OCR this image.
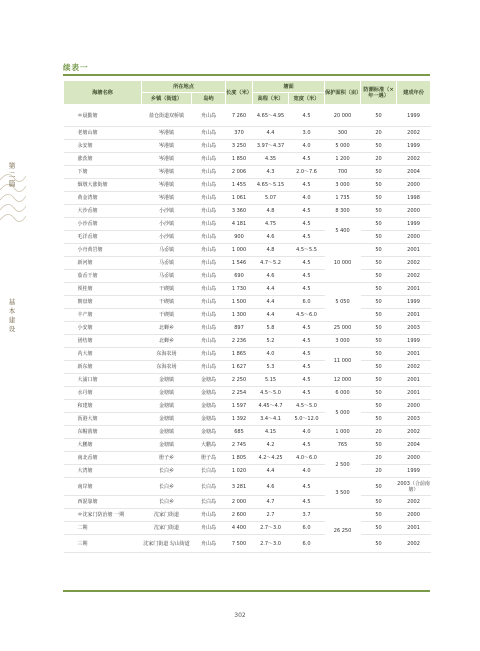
第二篇
基本建设
续表一
海塘名称	所在地点		长度（米）	塘面		保护面积（亩）	防潮标准（×年一遇）	建成年份
	乡镇（街道）	岛屿		高程（米）	宽度（米）			
＊晨勤塘	盐仓街道双桥镇	舟山岛	7 260	4.65～4.95	4.5	20 000	50	1999
老塘山塘	岑港镇	舟山岛	370	4.4	3.0	300	20	2002
永安塘	岑港镇	舟山岛	3 250	3.97～4.37	4.0	5 000	50	1999
涨茨塘	岑港镇	舟山岛	1 850	4.35	4.5	1 200	20	2002
下塘	岑港镇	舟山岛	2 006	4.3	2.0～7.6	700	50	2004
烟墩大涨街塘	岑港镇	舟山岛	1 455	4.65～5.15	4.5	3 000	50	2000
黄金湾塘	岑港镇	舟山岛	1 061	5.07	4.0	1 735	50	1998
大沙岙塘	小沙镇	舟山岛	3 360	4.8	4.5	8 300	50	2000
小沙岙塘	小沙镇	舟山岛	4 181	4.75	4.5	5 400	50	1999
毛洋岙塘	小沙镇	舟山岛	900	4.6	4.5		50	2000
小舟黄岩塘	马岙镇	舟山岛	1 000	4.8	4.5～5.5	10 000	50	2001
新河塘	马岙镇	舟山岛	1 546	4.7～5.2	4.5		50	2002
茄岙干塘	马岙镇	舟山岛	690	4.6	4.5		50	2002
预桂塘	干碶镇	舟山岛	1 730	4.4	4.5	5 050	50	2001
朝盘塘	干碶镇	舟山岛	1 500	4.4	6.0		50	1999
丰产塘	干碶镇	舟山岛	1 300	4.4	4.5～6.0		50	2001
小安塘	北蝉乡	舟山岛	897	5.8	4.5	25 000	50	2003
团结塘	北蝉乡	舟山岛	2 236	5.2	4.5	3 000	50	1999
芮大塘	东海农场	舟山岛	1 865	4.0	4.5	11 000	50	2001
新东塘	东海农场	舟山岛	1 627	5.3	4.5		50	2002
大浦口塘	金塘镇	金塘岛	2 250	5.15	4.5	12 000	50	2001
水丹塘	金塘镇	金塘岛	2 254	4.5～5.0	4.5	6 000	50	2001
和建塘	金塘镇	金塘岛	1 597	4.45～4.7	4.5～5.0	5 000	50	2000
沥港大塘	金塘镇	金塘岛	1 392	3.4～4.1	5.0～12.0		50	2003
东帽凿塘	金塘镇	金塘岛	685	4.15	4.0	1 000	20	2002
大鹏塘	金塘镇	大鹏岛	2 745	4.2	4.5	765	50	2004
南北岙塘	册子乡	册子岛	1 805	4.2～4.25	4.0～6.0	2 500	20	2000
大湾塘	长白乡	长白岛	1 020	4.4	4.0		20	1999
南岸塘	长白乡	长白岛	3 281	4.6	4.5	3 500	50	2003（合前南塘）
西混靠塘	长白乡	长白岛	2 000	4.7	4.5		50	2002
＊沈家门防治塘 一期	沈家门街道	舟山岛	2 600	2.7	3.7	26 250	50	2000
二期	沈家门街道	舟山岛	4 400	2.7～3.0	6.0		50	2001
三期	沈家门街道 勾山街道	舟山岛	7 500	2.7～3.0	6.0		50	2002
302
